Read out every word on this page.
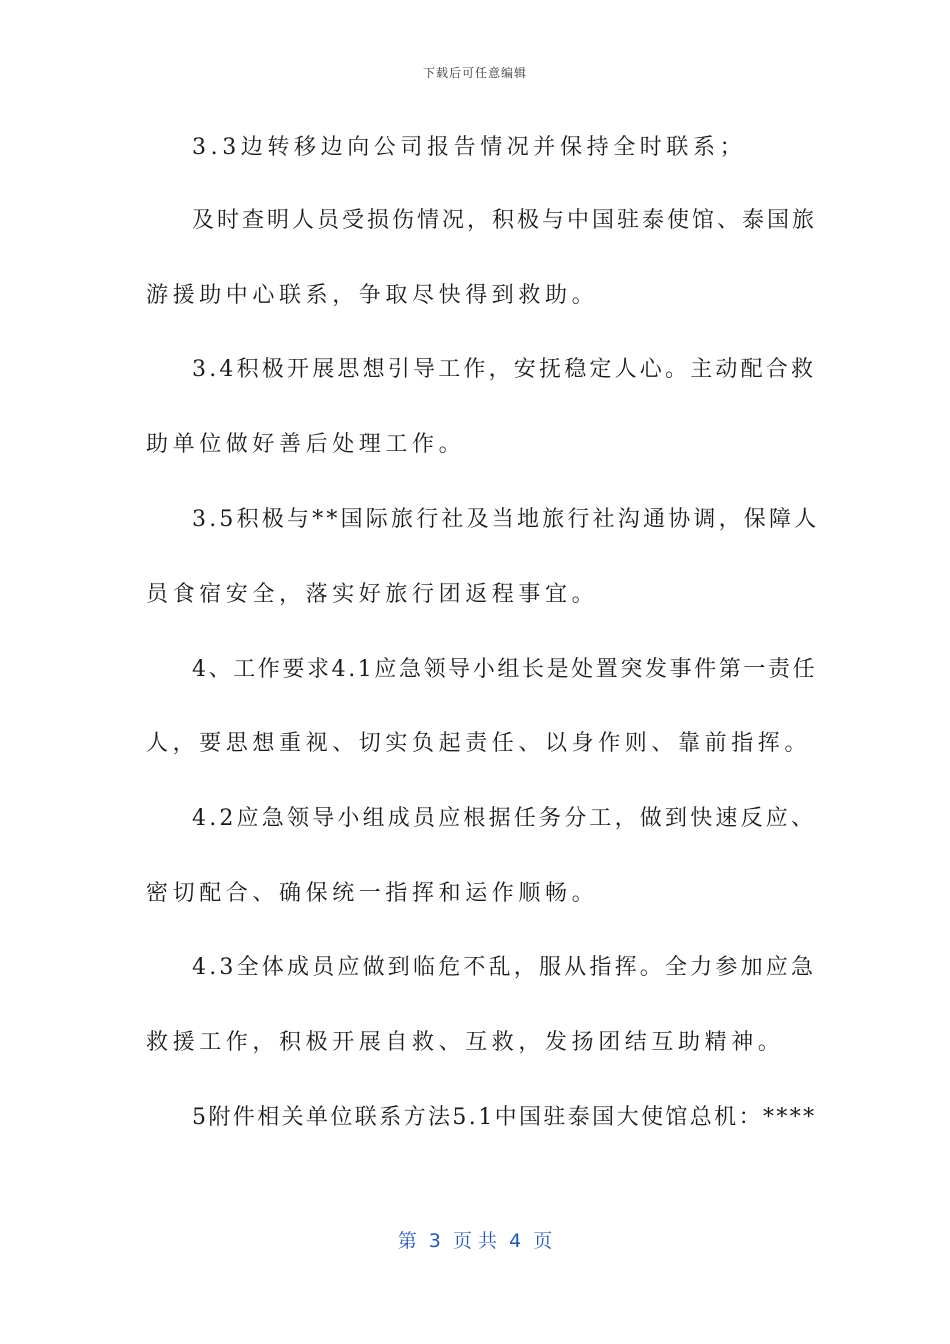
下载后可任意编辑
3.3边转移边向公司报告情况并保持全时联系；
及时查明人员受损伤情况，积极与中国驻泰使馆、泰国旅
游援助中心联系，争取尽快得到救助。
3.4积极开展思想引导工作，安抚稳定人心。主动配合救
助单位做好善后处理工作。
3.5积极与**国际旅行社及当地旅行社沟通协调，保障人
员食宿安全，落实好旅行团返程事宜。
4、工作要求4.1应急领导小组长是处置突发事件第一责任
人，要思想重视、切实负起责任、以身作则、靠前指挥。
4.2应急领导小组成员应根据任务分工，做到快速反应、
密切配合、确保统一指挥和运作顺畅。
4.3全体成员应做到临危不乱，服从指挥。全力参加应急
救援工作，积极开展自救、互救，发扬团结互助精神。
5附件相关单位联系方法5.1中国驻泰国大使馆总机：****
第  3  页 共  4  页
